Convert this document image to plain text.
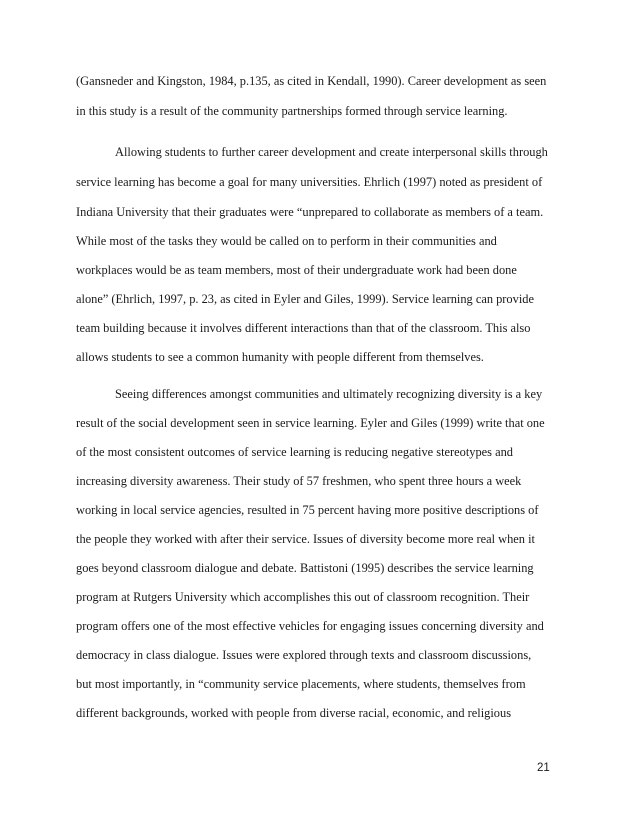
(Gansneder and Kingston, 1984, p.135, as cited in Kendall, 1990). Career development as seen
in this study is a result of the community partnerships formed through service learning.
Allowing students to further career development and create interpersonal skills through
service learning has become a goal for many universities. Ehrlich (1997) noted as president of
Indiana University that their graduates were “unprepared to collaborate as members of a team.
While most of the tasks they would be called on to perform in their communities and
workplaces would be as team members, most of their undergraduate work had been done
alone” (Ehrlich, 1997, p. 23, as cited in Eyler and Giles, 1999). Service learning can provide
team building because it involves different interactions than that of the classroom. This also
allows students to see a common humanity with people different from themselves.
Seeing differences amongst communities and ultimately recognizing diversity is a key
result of the social development seen in service learning. Eyler and Giles (1999) write that one
of the most consistent outcomes of service learning is reducing negative stereotypes and
increasing diversity awareness. Their study of 57 freshmen, who spent three hours a week
working in local service agencies, resulted in 75 percent having more positive descriptions of
the people they worked with after their service. Issues of diversity become more real when it
goes beyond classroom dialogue and debate. Battistoni (1995) describes the service learning
program at Rutgers University which accomplishes this out of classroom recognition. Their
program offers one of the most effective vehicles for engaging issues concerning diversity and
democracy in class dialogue. Issues were explored through texts and classroom discussions,
but most importantly, in “community service placements, where students, themselves from
different backgrounds, worked with people from diverse racial, economic, and religious
21
